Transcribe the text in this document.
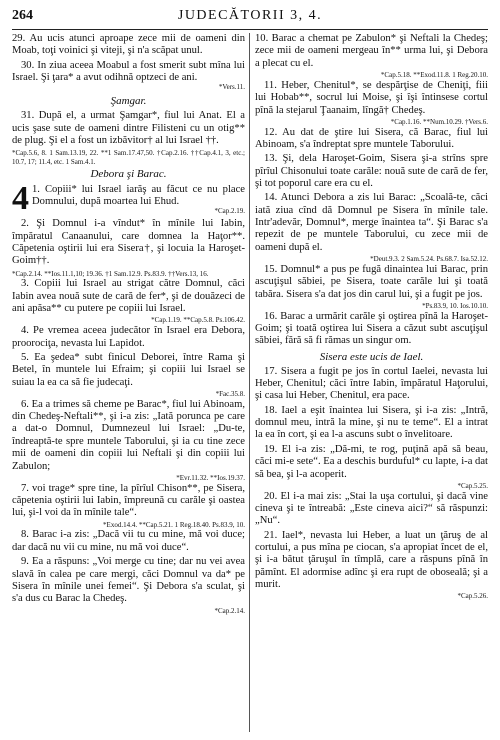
264	JUDECĂTORII 3, 4.

29. Au ucis atunci aproape zece mii de oameni din Moab, toţi voinici şi viteji, şi n'a scăpat unul.

30. In ziua aceea Moabul a fost smerit subt mîna lui Israel. Şi ţara* a avut odihnă optzeci de ani.
*Vers.11.

Şamgar.

31. După el, a urmat Şamgar*, fiul lui Anat. El a ucis şase sute de oameni dintre Filisteni cu un otig** de plug. Şi el a fost un izbăvitor† al lui Israel ††.

*Cap.5.6, 8. 1 Sam.13.19, 22. **1 Sam.17.47,50. †Cap.2.16. ††Cap.4.1, 3, etc.; 10.7, 17; 11.4, etc. 1 Sam.4.1.

Debora şi Barac.

4 1. Copiii* lui Israel iarăş au făcut ce nu place Domnului, după moartea lui Ehud.
*Cap.2.19.

2. Şi Domnul i-a vîndut* în mînile lui Iabin, împăratul Canaanului, care domnea la Haţor**. Căpetenia oştirii lui era Sisera†, şi locuia la Haroşet-Goim††.

*Cap.2.14. **Ios.11.1,10; 19.36. †1 Sam.12.9. Ps.83.9. ††Vers.13, 16.

3. Copiii lui Israel au strigat către Domnul, căci Iabin avea nouă sute de cară de fer*, şi de douăzeci de ani apăsa** cu putere pe copiii lui Israel.

*Cap.1.19. **Cap.5.8. Ps.106.42.

4. Pe vremea aceea judecător în Israel era Debora, proorociţa, nevasta lui Lapidot.

5. Ea şedea* subt finicul Deborei, între Rama şi Betel, în muntele lui Efraim; şi copiii lui Israel se suiau la ea ca să fie judecaţi.

*Fac.35.8.

6. Ea a trimes să cheme pe Barac*, fiul lui Abinoam, din Chedeş-Neftali**, şi i-a zis: „Iată porunca pe care a dat-o Domnul, Dumnezeul lui Israel: „Du-te, îndreaptă-te spre muntele Taborului, şi ia cu tine zece mii de oameni din copiii lui Neftali şi din copiii lui Zabulon;

*Evr.11.32. **Ios.19.37.

7. voi trage* spre tine, la pîrîul Chison**, pe Sisera, căpetenia oştirii lui Iabin, împreună cu carăle şi oastea lui, şi-l voi da în mînile tale“.

*Exod.14.4. **Cap.5.21. 1 Reg.18.40. Ps.83.9, 10.

8. Barac i-a zis: „Dacă vii tu cu mine, mă voi duce; dar dacă nu vii cu mine, nu mă voi duce“.

9. Ea a răspuns: „Voi merge cu tine; dar nu vei avea slavă în calea pe care mergi, căci Domnul va da* pe Sisera în mînile unei femei“. Şi Debora s'a sculat, şi s'a dus cu Barac la Chedeş.

*Cap.2.14.

10. Barac a chemat pe Zabulon* şi Neftali la Chedeş; zece mii de oameni mergeau în** urma lui, şi Debora a plecat cu el.

*Cap.5.18. **Exod.11.8. 1 Reg.20.10.

11. Heber, Chenitul*, se despărţise de Cheniţi, fiii lui Hobab**, socrul lui Moise, şi îşi întinsese cortul pînă la stejarul Ţaanaim, lîngă† Chedeş.

*Cap.1.16. **Num.10.29. †Vers.6.

12. Au dat de ştire lui Sisera, că Barac, fiul lui Abinoam, s'a îndreptat spre muntele Taborului.

13. Şi, dela Haroşet-Goim, Sisera şi-a strîns spre pîrîul Chisonului toate carăle: nouă sute de cară de fer, şi tot poporul care era cu el.

14. Atunci Debora a zis lui Barac: „Scoală-te, căci iată ziua cînd dă Domnul pe Sisera în mînile tale. Intr'adevăr, Domnul*, merge înaintea ta“. Şi Barac s'a repezit de pe muntele Taborului, cu zece mii de oameni după el.

*Deut.9.3. 2 Sam.5.24. Ps.68.7. Isa.52.12.

15. Domnul* a pus pe fugă dinaintea lui Barac, prin ascuţişul săbiei, pe Sisera, toate carăle lui şi toată tabăra. Sisera s'a dat jos din carul lui, şi a fugit pe jos.

*Ps.83.9, 10. Ios.10.10.

16. Barac a urmărit carăle şi oştirea pînă la Haroşet-Goim; şi toată oştirea lui Sisera a căzut subt ascuţişul săbiei, fără să fi rămas un singur om.

Sisera este ucis de Iael.

17. Sisera a fugit pe jos în cortul Iaelei, nevasta lui Heber, Chenitul; căci între Iabin, împăratul Haţorului, şi casa lui Heber, Chenitul, era pace.

18. Iael a eşit înaintea lui Sisera, şi i-a zis: „Intră, domnul meu, intră la mine, şi nu te teme“. El a intrat la ea în cort, şi ea l-a ascuns subt o învelitoare.

19. El i-a zis: „Dă-mi, te rog, puţină apă să beau, căci mi-e sete“. Ea a deschis burduful* cu lapte, i-a dat să bea, şi l-a acoperit.

*Cap.5.25.

20. El i-a mai zis: „Stai la uşa cortului, şi dacă vine cineva şi te întreabă: „Este cineva aici?“ să răspunzi: „Nu“.

21. Iael*, nevasta lui Heber, a luat un ţăruş de al cortului, a pus mîna pe ciocan, s'a apropiat încet de el, şi i-a bătut ţăruşul în tîmplă, care a răspuns pînă în pămînt. El adormise adînc şi era rupt de oboseală; şi a murit.

*Cap.5.26.
